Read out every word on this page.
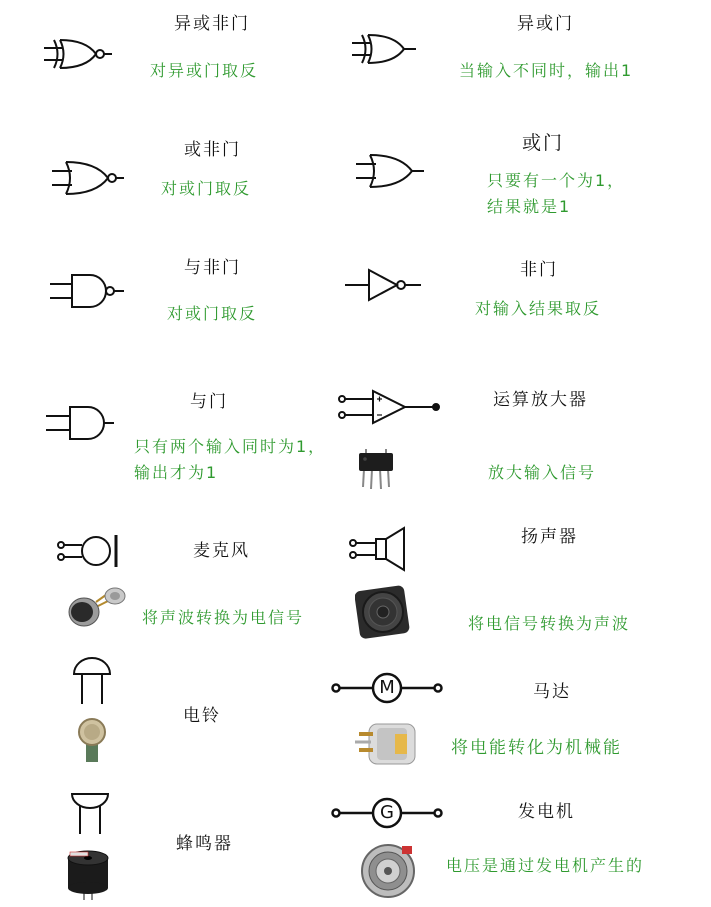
异或非门
对异或门取反
异或门
当输入不同时，输出1
或非门
对或门取反
或门
只要有一个为1，
结果就是1
与非门
对或门取反
非门
对输入结果取反
与门
只有两个输入同时为1，
输出才为1
运算放大器
放大输入信号
麦克风
将声波转换为电信号
扬声器
将电信号转换为声波
电铃
M	马达
将电能转化为机械能
蜂鸣器
G	发电机
电压是通过发电机产生的
